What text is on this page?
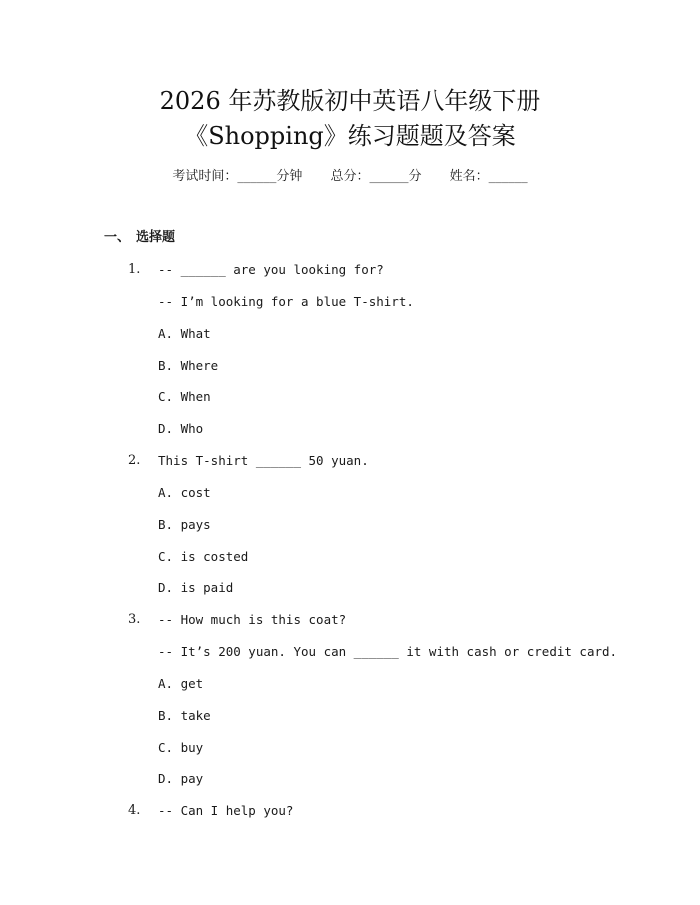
2026 年苏教版初中英语八年级下册
《Shopping》练习题题及答案
考试时间：______分钟 总分：______分 姓名：______
一、 选择题
1. -- ______ are you looking for?
-- I’m looking for a blue T-shirt.
A. What
B. Where
C. When
D. Who
2. This T-shirt ______ 50 yuan.
A. cost
B. pays
C. is costed
D. is paid
3. -- How much is this coat?
-- It’s 200 yuan. You can ______ it with cash or credit card.
A. get
B. take
C. buy
D. pay
4. -- Can I help you?
